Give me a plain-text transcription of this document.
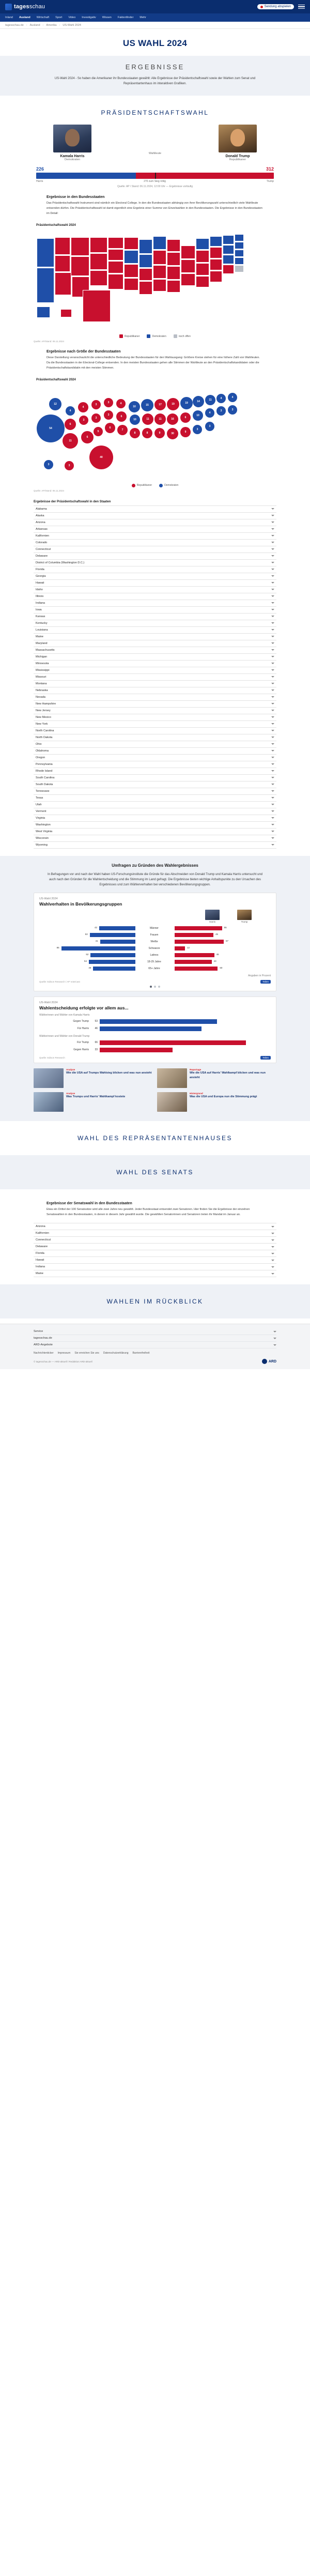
tagesschau	Sendung abspielen
Inland Ausland Wirtschaft Sport Video Investigativ Wissen Faktenfinder Mehr
tagesschau.de › Ausland › Amerika › US-Wahl 2024
US WAHL 2024
ERGEBNISSE
US-Wahl 2024 - So haben die Amerikaner ihr Bundesstaaten gewählt: Alle Ergebnisse der Präsidentschaftswahl sowie der Wahlen zum Senat und Repräsentantenhaus im interaktiven Grafiken.
PRÄSIDENTSCHAFTSWAHL
Kamala Harris
Demokraten
Wahlleute
Donald Trump
Republikaner
226	312
Harris	270 zum Sieg nötig	Trump
Quelle: AP / Stand: 06.11.2024, 12:00 Uhr — Ergebnisse vorläufig
Ergebnisse in den Bundesstaaten

Das Präsidentschaftswahl-Instrument sind nämlich ein Electoral College. In den die Bundesstaaten abhängig von ihrer Bevölkerungszahl unterschiedlich viele Wahlleute entsenden dürfen. Die Präsidentschaftswahl ist damit eigentlich eine Ergebnis einer Summe von Einzelwahlen in den Bundesstaaten. Die Ergebnisse in den Bundesstaaten im Detail:

Präsidentschaftswahl 2024
Republikaner	Demokraten	noch offen
Quelle: AP/Stand: 06.11.2024
Ergebnisse nach Größe der Bundesstaaten

Diese Darstellung veranschaulicht die unterschiedliche Bedeutung der Bundesstaaten für den Wahlausgang: Größere Kreise stehen für eine höhere Zahl von Wahlleuten. Da die Bundesstaaten in der Electoral-College entsenden. In den meisten Bundesstaaten gehen alle Stimmen der Wahlleute an den Präsidentschaftskandidaten oder die Präsidentschaftskandidatin mit den meisten Stimmen.

Präsidentschaftswahl 2024
54
4
6
11
12
4
3
6
3
3
5
40
3
3
6
4
6
7
10
10
8
15
11
8
17
11
9
19
16
30
19
6
9
14
10
3
11
4
3
4
3
4
3
3	3
Republikaner	Demokraten
Quelle: AP/Stand: 06.11.2024
Ergebnisse der Präsidentschaftswahl in den Staaten
Alabama
Alaska
Arizona
Arkansas
Kalifornien
Colorado
Connecticut
Delaware
District of Columbia (Washington D.C.)
Florida
Georgia
Hawaii
Idaho
Illinois
Indiana
Iowa
Kansas
Kentucky
Louisiana
Maine
Maryland
Massachusetts
Michigan
Minnesota
Mississippi
Missouri
Montana
Nebraska
Nevada
New Hampshire
New Jersey
New Mexico
New York
North Carolina
North Dakota
Ohio
Oklahoma
Oregon
Pennsylvania
Rhode Island
South Carolina
South Dakota
Tennessee
Texas
Utah
Vermont
Virginia
Washington
West Virginia
Wisconsin
Wyoming
Umfragen zu Gründen des Wahlergebnisses
In Befragungen vor und nach der Wahl haben US-Forschungsinstitute die Gründe für das Abschneiden von Donald Trump und Kamala Harris untersucht und auch nach den Gründen für die Wahlentscheidung und die Stimmung im Land gefragt. Die Ergebnisse bieten wichtige Anhaltspunkte zu den Ursachen des Ergebnisses und zum Wählerverhalten bei verschiedenen Bevölkerungsgruppen.
US-Wahl 2024
Wahlverhalten in Bevölkerungsgruppen
Harris	Trump
42	Männer	55
53	Frauen	45
41	Weiße	57
86	Schwarze	12
52	Latinos	46
54	18-29 Jahre	43
49	65+ Jahre	50
Angaben in Prozent
Quelle: Edison Research / AP VoteCast	Teilen
US-Wahl 2024
Wahlentscheidung erfolgte vor allem aus...
Wählerinnen und Wähler von Kamala Harris
Gegen Trump	53
Für Harris	46
Wählerinnen und Wähler von Donald Trump
Für Trump	66
Gegen Harris	33
Quelle: Edison Research	Teilen
Analyse
Wie die USA auf Trumps Wahlsieg blicken und was nun ansteht
Reportage
Wie die USA auf Harris' Wahlkampf blicken und was nun ansteht
Analyse
Was Trumps und Harris' Wahlkampf kostete
Hintergrund
Was die USA und Europa nun die Stimmung prägt
WAHL DES REPRÄSENTANTENHAUSES
WAHL DES SENATS
Ergebnisse der Senatswahl in den Bundesstaaten

Etwa ein Drittel der 100 Senatssitze wird alle zwei Jahre neu gewählt. Jeder Bundesstaat entsendet zwei Senatoren. Hier finden Sie die Ergebnisse der einzelnen Senatswahlen in den Bundesstaaten, in denen in diesem Jahr gewählt wurde. Die gewählten Senatorinnen und Senatoren treten ihr Mandat im Januar an.

Arizona
Kalifornien
Connecticut
Delaware
Florida
Hawaii
Indiana
Maine
WAHLEN IM RÜCKBLICK
Service
tagesschau.de
ARD-Angebote
Nachrichtenticker Impressum Sie erreichen Sie uns Datenschutzerklärung Barrierefreiheit
© tagesschau.de — ARD-aktuell / Redaktion ARD-aktuell	ARD
